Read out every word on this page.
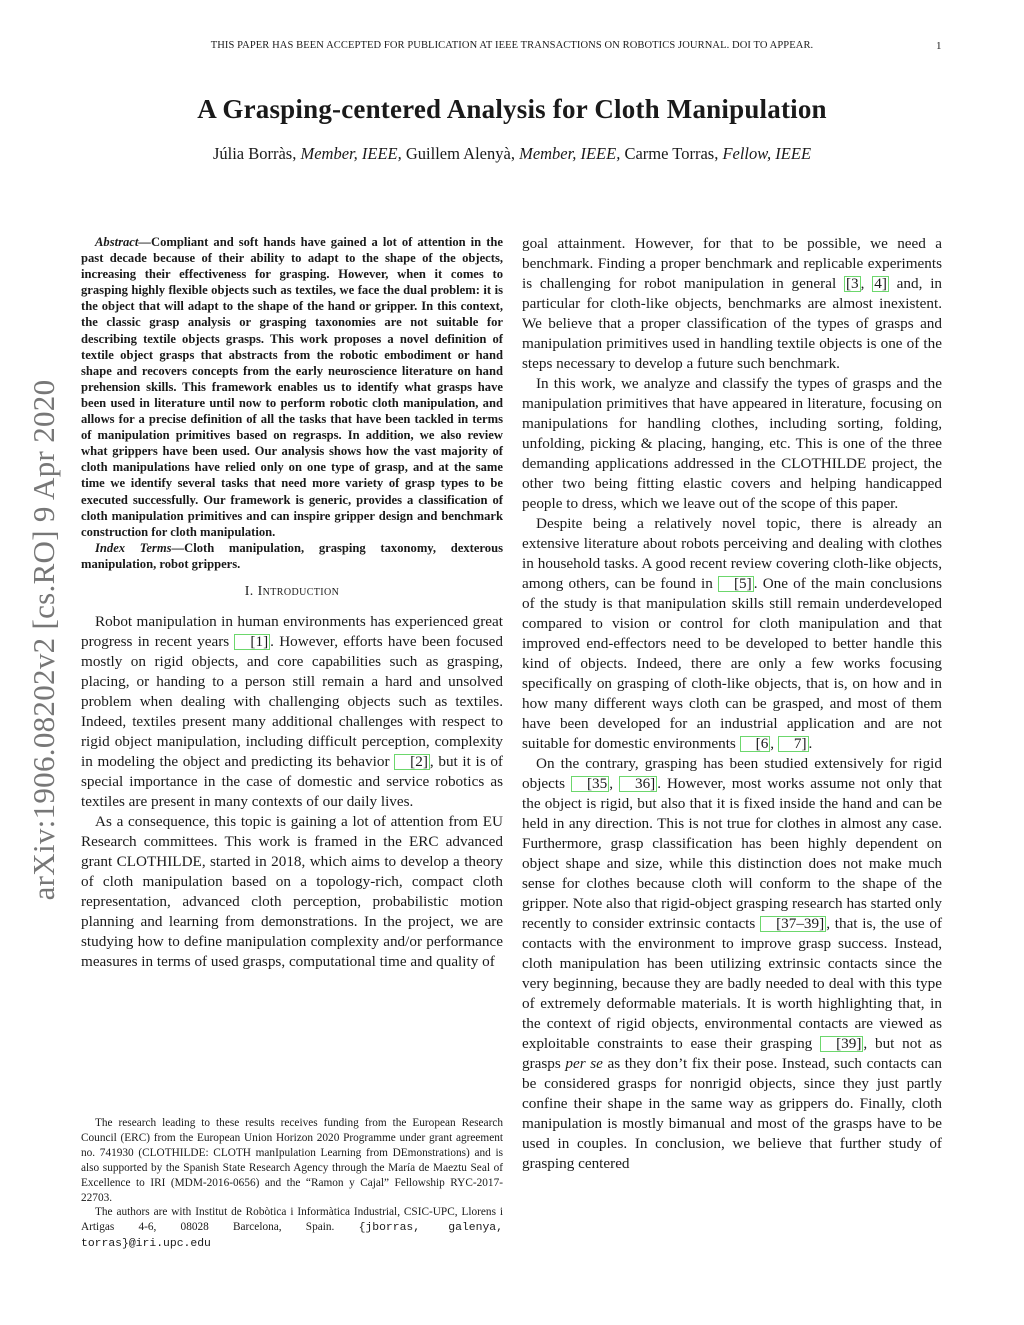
THIS PAPER HAS BEEN ACCEPTED FOR PUBLICATION AT IEEE TRANSACTIONS ON ROBOTICS JOURNAL. DOI TO APPEAR.	1
arXiv:1906.08202v2 [cs.RO] 9 Apr 2020
A Grasping-centered Analysis for Cloth Manipulation
Júlia Borràs, Member, IEEE, Guillem Alenyà, Member, IEEE, Carme Torras, Fellow, IEEE

Abstract—Compliant and soft hands have gained a lot of attention in the past decade because of their ability to adapt to the shape of the objects, increasing their effectiveness for grasping. However, when it comes to grasping highly flexible objects such as textiles, we face the dual problem: it is the object that will adapt to the shape of the hand or gripper. In this context, the classic grasp analysis or grasping taxonomies are not suitable for describing textile objects grasps. This work proposes a novel definition of textile object grasps that abstracts from the robotic embodiment or hand shape and recovers concepts from the early neuroscience literature on hand prehension skills. This framework enables us to identify what grasps have been used in literature until now to perform robotic cloth manipulation, and allows for a precise definition of all the tasks that have been tackled in terms of manipulation primitives based on regrasps. In addition, we also review what grippers have been used. Our analysis shows how the vast majority of cloth manipulations have relied only on one type of grasp, and at the same time we identify several tasks that need more variety of grasp types to be executed successfully. Our framework is generic, provides a classification of cloth manipulation primitives and can inspire gripper design and benchmark construction for cloth manipulation.

Index Terms—Cloth manipulation, grasping taxonomy, dexterous manipulation, robot grippers.

I. Introduction

Robot manipulation in human environments has experienced great progress in recent years [1] . However, efforts have been focused mostly on rigid objects, and core capabilities such as grasping, placing, or handing to a person still remain a hard and unsolved problem when dealing with challenging objects such as textiles. Indeed, textiles present many additional challenges with respect to rigid object manipulation, including difficult perception, complexity in modeling the object and predicting its behavior [2] , but it is of special importance in the case of domestic and service robotics as textiles are present in many contexts of our daily lives.

As a consequence, this topic is gaining a lot of attention from EU Research committees. This work is framed in the ERC advanced grant CLOTHILDE, started in 2018, which aims to develop a theory of cloth manipulation based on a topology-rich, compact cloth representation, advanced cloth perception, probabilistic motion planning and learning from demonstrations. In the project, we are studying how to define manipulation complexity and/or performance measures in terms of used grasps, computational time and quality of

The research leading to these results receives funding from the European Research Council (ERC) from the European Union Horizon 2020 Programme under grant agreement no. 741930 (CLOTHILDE: CLOTH manIpulation Learning from DEmonstrations) and is also supported by the Spanish State Research Agency through the María de Maeztu Seal of Excellence to IRI (MDM-2016-0656) and the “Ramon y Cajal” Fellowship RYC-2017-22703.

The authors are with Institut de Robòtica i Informàtica Industrial, CSIC-UPC, Llorens i Artigas 4-6, 08028 Barcelona, Spain. {jborras, galenya, torras}@iri.upc.edu

goal attainment. However, for that to be possible, we need a benchmark. Finding a proper benchmark and replicable experiments is challenging for robot manipulation in general [3 , 4] and, in particular for cloth-like objects, benchmarks are almost inexistent. We believe that a proper classification of the types of grasps and manipulation primitives used in handling textile objects is one of the steps necessary to develop a future such benchmark.

In this work, we analyze and classify the types of grasps and the manipulation primitives that have appeared in literature, focusing on manipulations for handling clothes, including sorting, folding, unfolding, picking & placing, hanging, etc. This is one of the three demanding applications addressed in the CLOTHILDE project, the other two being fitting elastic covers and helping handicapped people to dress, which we leave out of the scope of this paper.

Despite being a relatively novel topic, there is already an extensive literature about robots perceiving and dealing with clothes in household tasks. A good recent review covering cloth-like objects, among others, can be found in [5] . One of the main conclusions of the study is that manipulation skills still remain underdeveloped compared to vision or control for cloth manipulation and that improved end-effectors need to be developed to better handle this kind of objects. Indeed, there are only a few works focusing specifically on grasping of cloth-like objects, that is, on how and in how many different ways cloth can be grasped, and most of them have been developed for an industrial application and are not suitable for domestic environments [6 , 7] .

On the contrary, grasping has been studied extensively for rigid objects [35 , 36] . However, most works assume not only that the object is rigid, but also that it is fixed inside the hand and can be held in any direction. This is not true for clothes in almost any case. Furthermore, grasp classification has been highly dependent on object shape and size, while this distinction does not make much sense for clothes because cloth will conform to the shape of the gripper. Note also that rigid-object grasping research has started only recently to consider extrinsic contacts [37–39] , that is, the use of contacts with the environment to improve grasp success. Instead, cloth manipulation has been utilizing extrinsic contacts since the very beginning, because they are badly needed to deal with this type of extremely deformable materials. It is worth highlighting that, in the context of rigid objects, environmental contacts are viewed as exploitable constraints to ease their grasping [39] , but not as grasps per se as they don’t fix their pose. Instead, such contacts can be considered grasps for nonrigid objects, since they just partly confine their shape in the same way as grippers do. Finally, cloth manipulation is mostly bimanual and most of the grasps have to be used in couples. In conclusion, we believe that further study of grasping centered
